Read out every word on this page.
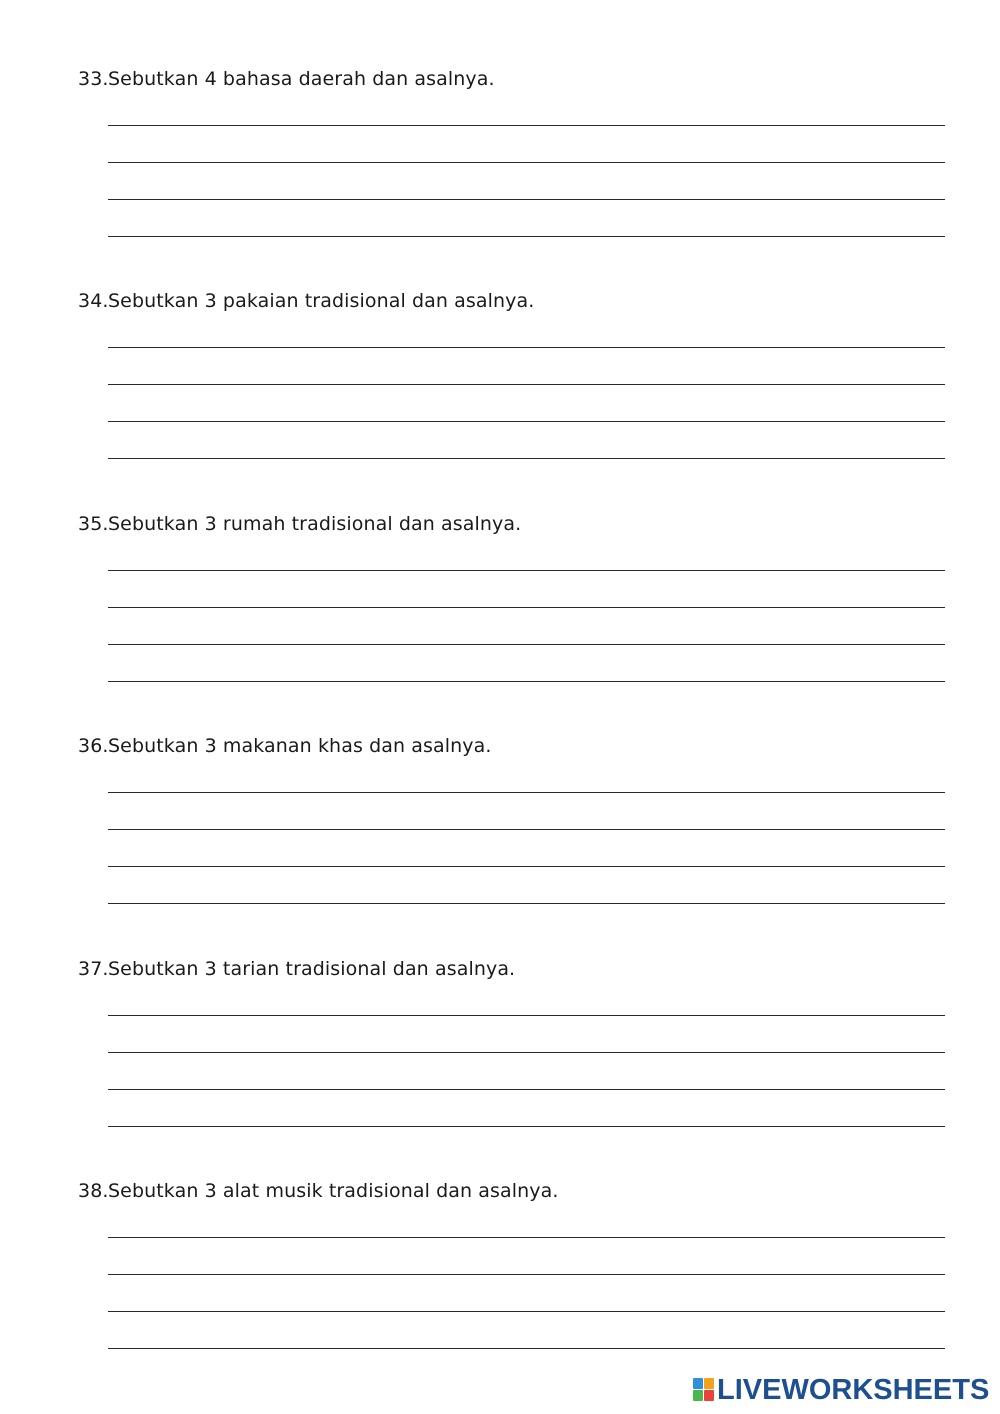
33.Sebutkan 4 bahasa daerah dan asalnya.
34.Sebutkan 3 pakaian tradisional dan asalnya.
35.Sebutkan 3 rumah tradisional dan asalnya.
36.Sebutkan 3 makanan khas dan asalnya.
37.Sebutkan 3 tarian tradisional dan asalnya.
38.Sebutkan 3 alat musik tradisional dan asalnya.
LIVEWORKSHEETS
